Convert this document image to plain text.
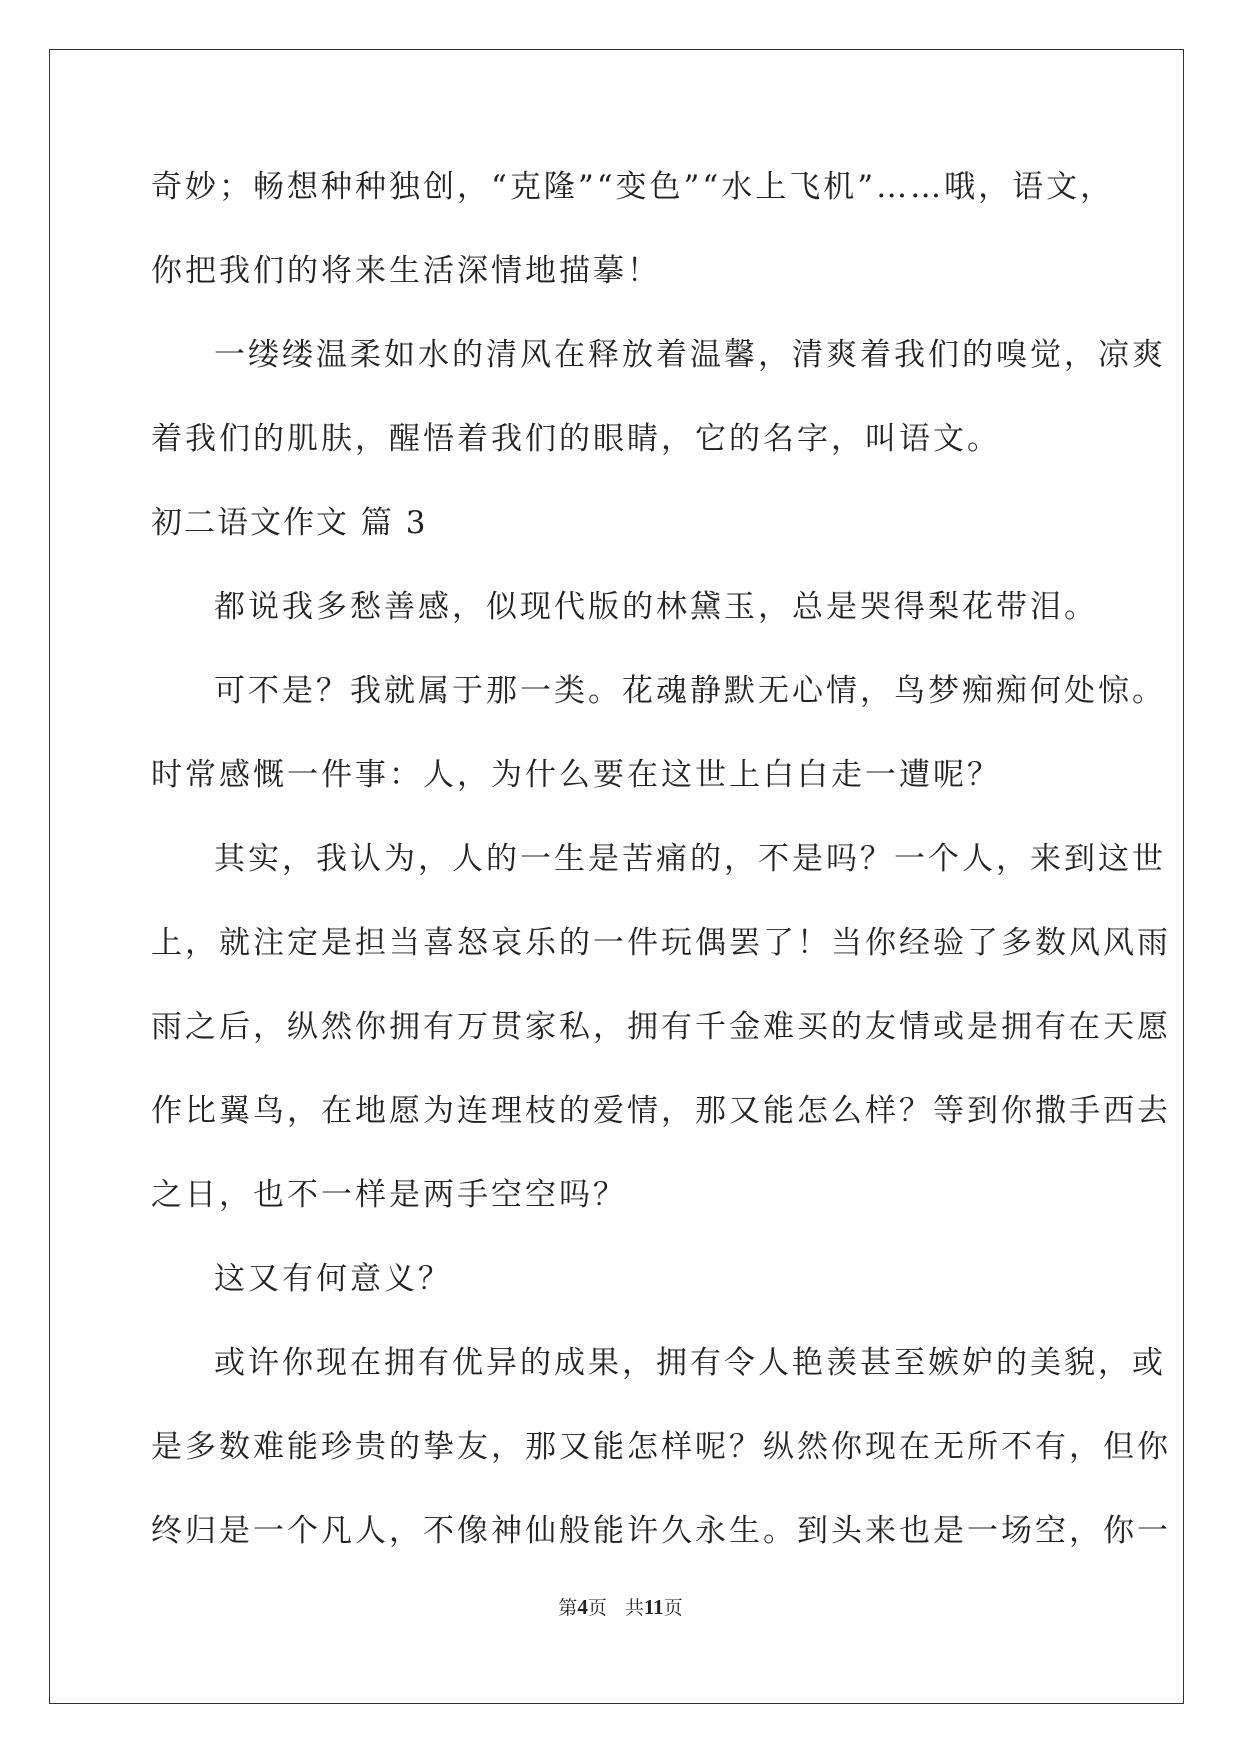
奇妙；畅想种种独创，“克隆”“变色”“水上飞机”……哦，语文，
你把我们的将来生活深情地描摹！
一缕缕温柔如水的清风在释放着温馨，清爽着我们的嗅觉，凉爽
着我们的肌肤，醒悟着我们的眼睛，它的名字，叫语文。
初二语文作文 篇 3
都说我多愁善感，似现代版的林黛玉，总是哭得梨花带泪。
可不是？我就属于那一类。花魂静默无心情，鸟梦痴痴何处惊。
时常感慨一件事：人，为什么要在这世上白白走一遭呢？
其实，我认为，人的一生是苦痛的，不是吗？一个人，来到这世
上，就注定是担当喜怒哀乐的一件玩偶罢了！当你经验了多数风风雨
雨之后，纵然你拥有万贯家私，拥有千金难买的友情或是拥有在天愿
作比翼鸟，在地愿为连理枝的爱情，那又能怎么样？等到你撒手西去
之日，也不一样是两手空空吗？
这又有何意义？
或许你现在拥有优异的成果，拥有令人艳羡甚至嫉妒的美貌，或
是多数难能珍贵的挚友，那又能怎样呢？纵然你现在无所不有，但你
终归是一个凡人，不像神仙般能许久永生。到头来也是一场空，你一
第4页 共11页
